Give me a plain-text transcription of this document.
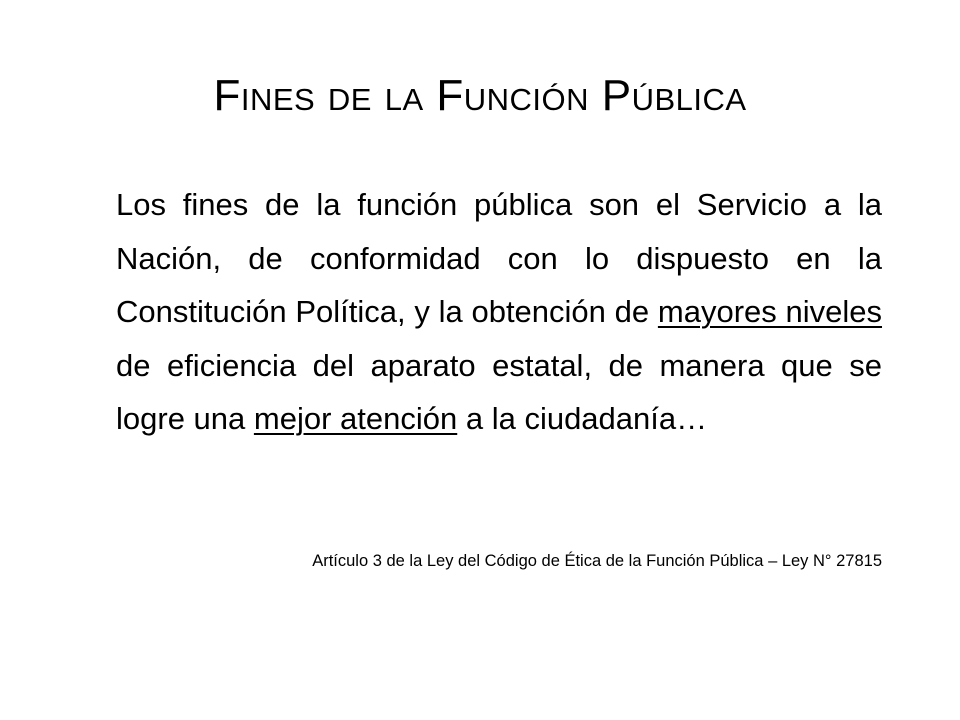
Fines de la Función Pública

Los fines de la función pública son el Servicio a la Nación, de conformidad con lo dispuesto en la Constitución Política, y la obtención de mayores niveles de eficiencia del aparato estatal, de manera que se logre una mejor atención a la ciudadanía…

Artículo 3 de la Ley del Código de Ética de la Función Pública – Ley N° 27815
